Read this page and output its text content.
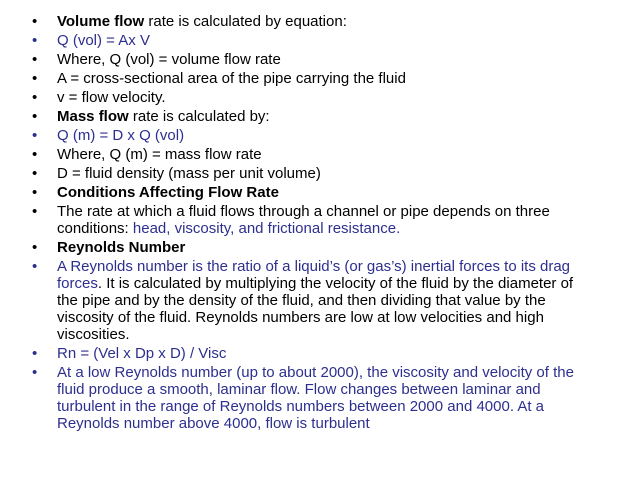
•	Volume flow rate is calculated by equation:
•	Q (vol) = Ax V
•	Where, Q (vol) = volume flow rate
•	A = cross-sectional area of the pipe carrying the fluid
•	v = flow velocity.
•	Mass flow rate is calculated by:
•	Q (m) = D x Q (vol)
•	Where, Q (m) = mass flow rate
•	D = fluid density (mass per unit volume)
•	Conditions Affecting Flow Rate
•	The rate at which a fluid flows through a channel or pipe depends on three conditions: head, viscosity, and frictional resistance.
•	Reynolds Number
•	A Reynolds number is the ratio of a liquid’s (or gas’s) inertial forces to its drag forces. It is calculated by multiplying the velocity of the fluid by the diameter of the pipe and by the density of the fluid, and then dividing that value by the viscosity of the fluid. Reynolds numbers are low at low velocities and high viscosities.
•	Rn = (Vel x Dp x D) / Visc
•	At a low Reynolds number (up to about 2000), the viscosity and velocity of the fluid produce a smooth, laminar flow. Flow changes between laminar and turbulent in the range of Reynolds numbers between 2000 and 4000. At a Reynolds number above 4000, flow is turbulent
